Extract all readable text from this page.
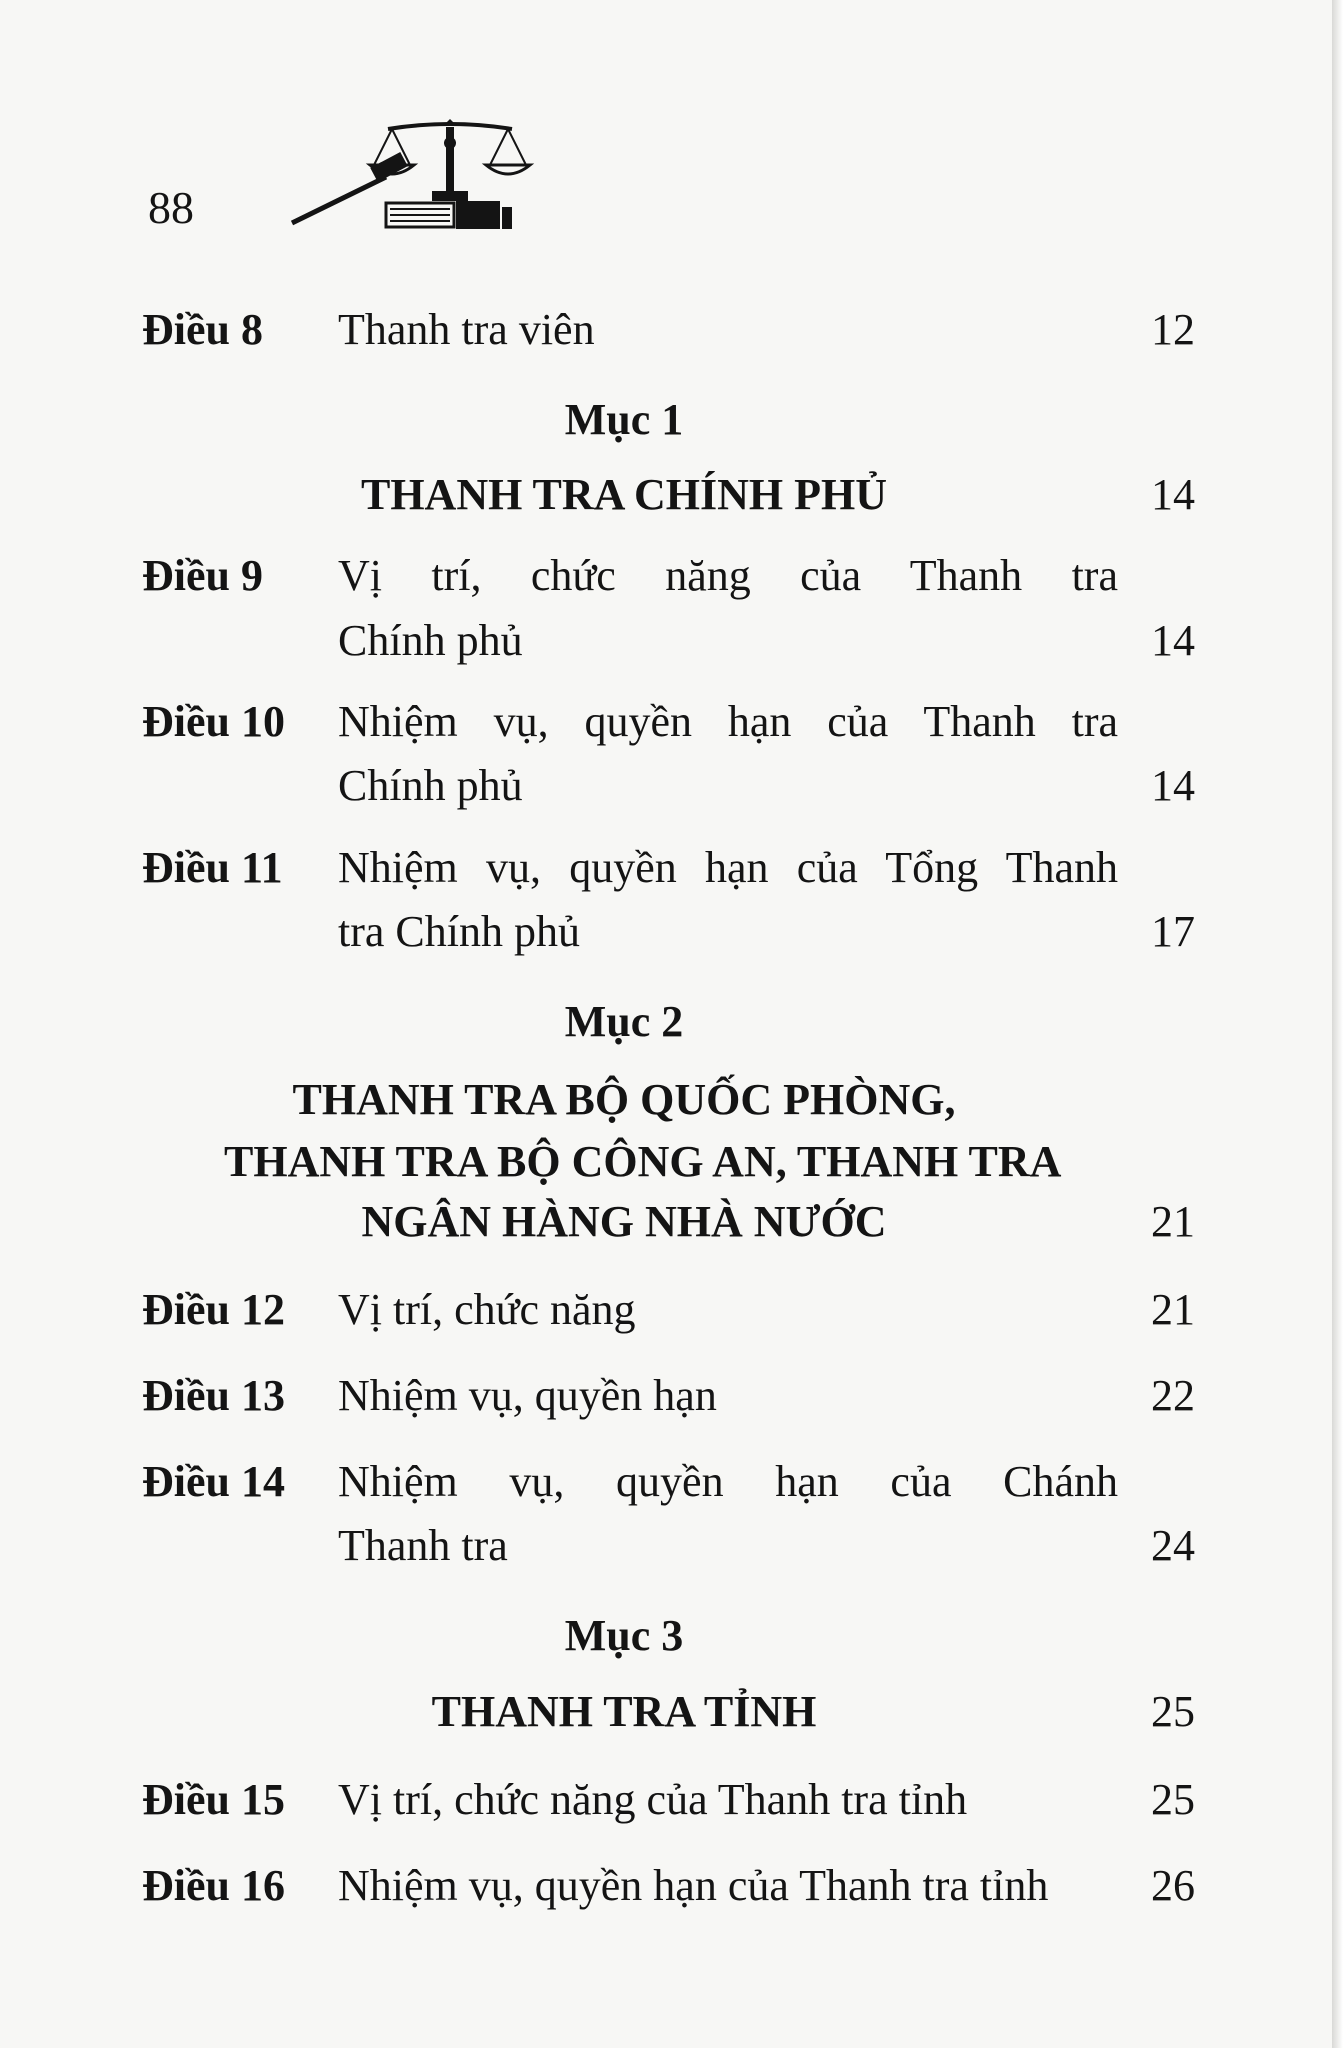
88
Điều 8 Thanh tra viên	12
Mục 1
THANH TRA CHÍNH PHỦ	14
Điều 9 Vị trí, chức năng của Thanh tra
Chính phủ	14
Điều 10 Nhiệm vụ, quyền hạn của Thanh tra
Chính phủ	14
Điều 11 Nhiệm vụ, quyền hạn của Tổng Thanh
tra Chính phủ	17
Mục 2
THANH TRA BỘ QUỐC PHÒNG,
THANH TRA BỘ CÔNG AN, THANH TRA
NGÂN HÀNG NHÀ NƯỚC	21
Điều 12 Vị trí, chức năng	21
Điều 13 Nhiệm vụ, quyền hạn	22
Điều 14 Nhiệm vụ, quyền hạn của Chánh
Thanh tra	24
Mục 3
THANH TRA TỈNH	25
Điều 15 Vị trí, chức năng của Thanh tra tỉnh	25
Điều 16 Nhiệm vụ, quyền hạn của Thanh tra tỉnh	26
